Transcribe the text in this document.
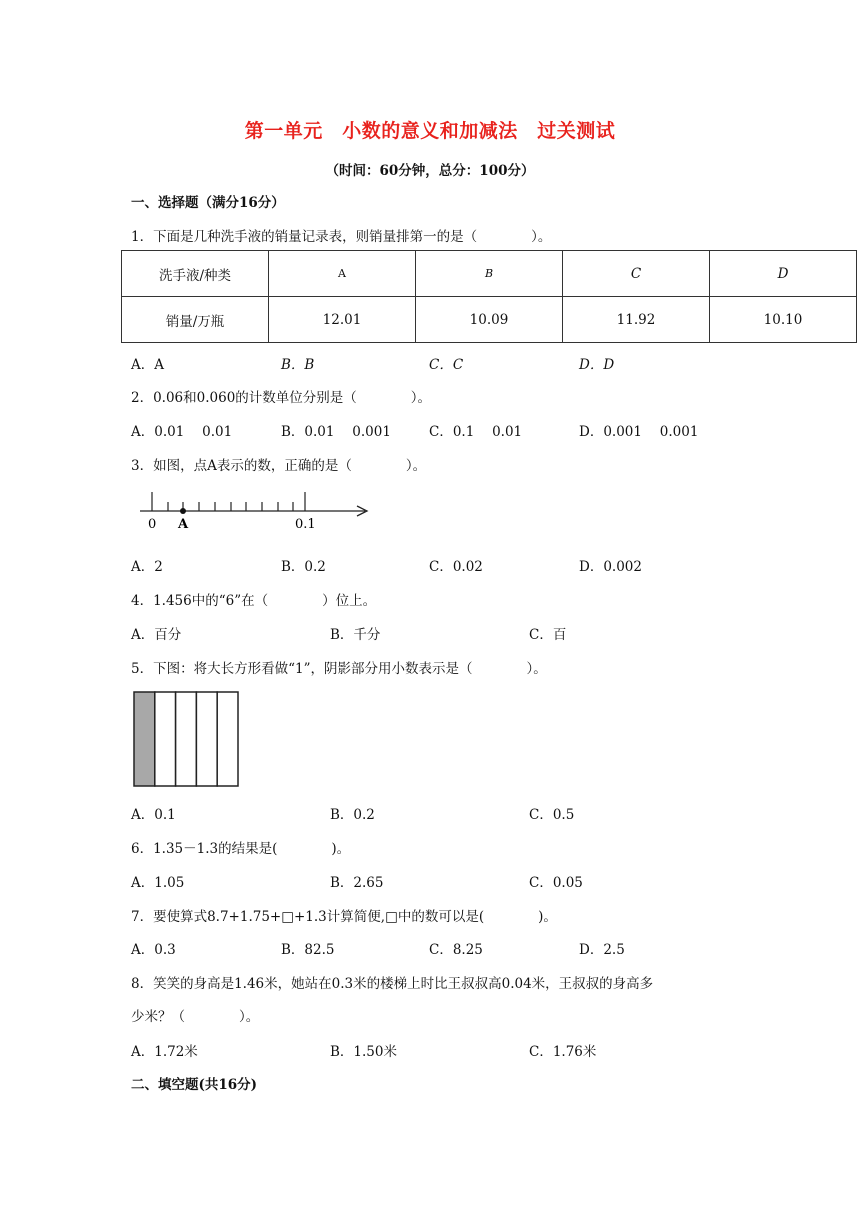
第一单元　小数的意义和加减法　过关测试
（时间：60分钟，总分：100分）
一、选择题（满分16分）
1．下面是几种洗手液的销量记录表，则销量排第一的是（　　　　）。
洗手液/种类	A	B	C	D
销量/万瓶	12.01	10.09	11.92	10.10
A．A	B．B	C．C	D．D
2．0.06和0.060的计数单位分别是（　　　　）。
A．0.01　 0.01	B．0.01　 0.001	C．0.1　 0.01	D．0.001　 0.001
3．如图，点A表示的数，正确的是（　　　　）。
0 A	0.1
A．2	B．0.2	C．0.02	D．0.002
4．1.456中的“6”在（　　　　）位上。
A．百分	B．千分	C．百
5．下图：将大长方形看做“1”，阴影部分用小数表示是（　　　　）。
A．0.1	B．0.2	C．0.5
6．1.35－1.3的结果是(　　　　)。
A．1.05	B．2.65	C．0.05
7．要使算式8.7+1.75+□+1.3计算简便,□中的数可以是(　　　　)。
A．0.3	B．82.5	C．8.25	D．2.5
8．笑笑的身高是1.46米，她站在0.3米的楼梯上时比王叔叔高0.04米，王叔叔的身高多
少米？（　　　　）。
A．1.72米	B．1.50米	C．1.76米
二、填空题(共16分)
